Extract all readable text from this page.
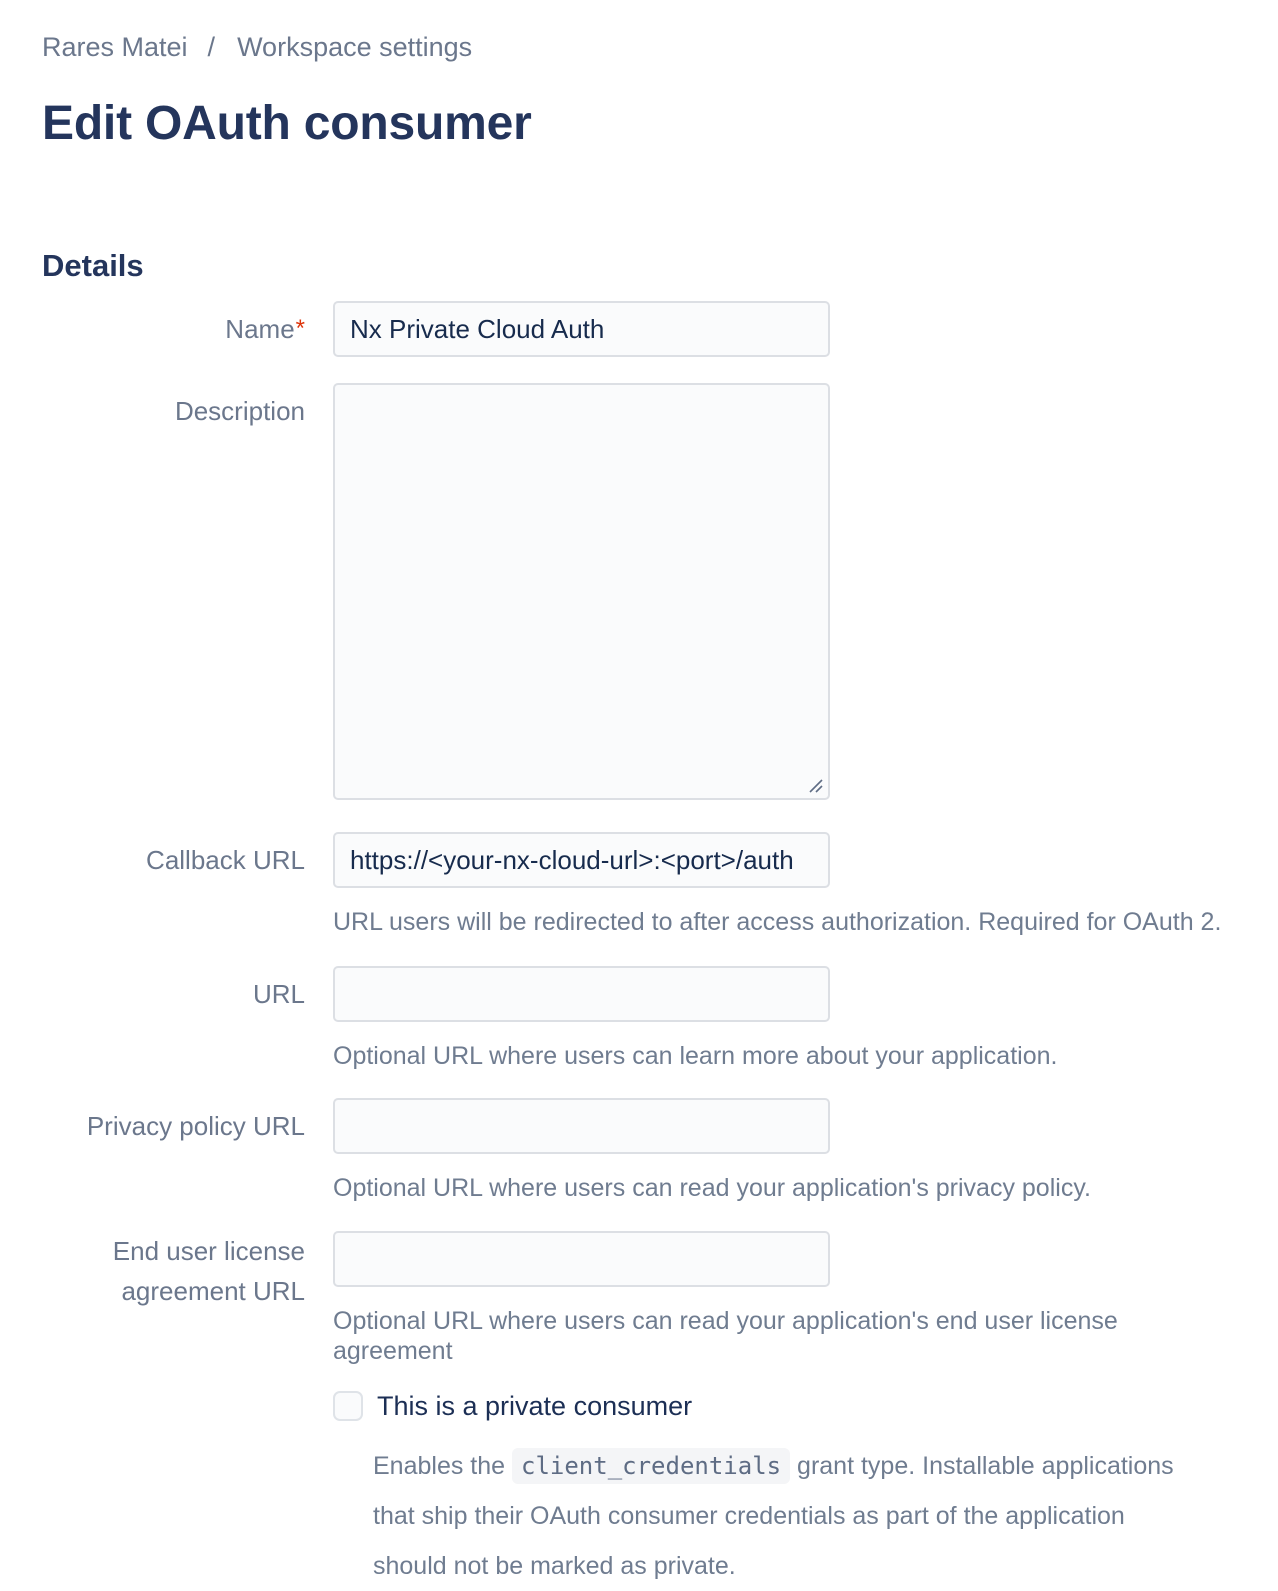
Rares Matei / Workspace settings
Edit OAuth consumer
Details
Name *
Nx Private Cloud Auth
Description
Callback URL
https://<your-nx-cloud-url>:<port>/auth
URL users will be redirected to after access authorization. Required for OAuth 2.
URL
Optional URL where users can learn more about your application.
Privacy policy URL
Optional URL where users can read your application's privacy policy.
End user license agreement URL
Optional URL where users can read your application's end user license agreement
This is a private consumer
Enables the client_credentials grant type. Installable applications that ship their OAuth consumer credentials as part of the application should not be marked as private.
